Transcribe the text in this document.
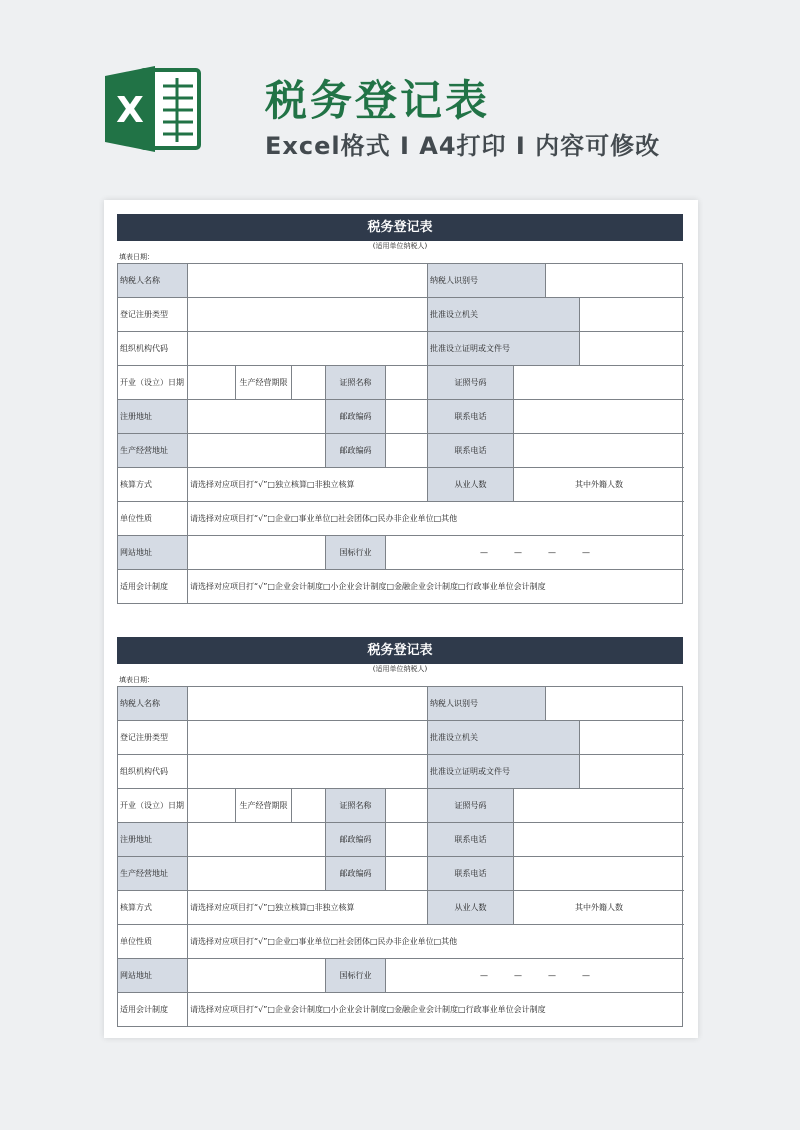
X	税务登记表
Excel格式 I A4打印 I 内容可修改
税务登记表
(适用单位纳税人)
填表日期：
纳税人名称	纳税人识别号
登记注册类型	批准设立机关
组织机构代码	批准设立证明或文件号
开业（设立）日期	生产经营期限	证照名称	证照号码
注册地址	邮政编码	联系电话
生产经营地址	邮政编码	联系电话
核算方式	请选择对应项目打“√”□独立核算□非独立核算	从业人数	其中外籍人数
单位性质	请选择对应项目打“√”□企业□事业单位□社会团体□民办非企业单位□其他
网站地址	国标行业	—	—	—	—
适用会计制度	请选择对应项目打“√”□企业会计制度□小企业会计制度□金融企业会计制度□行政事业单位会计制度
税务登记表
(适用单位纳税人)
填表日期：
纳税人名称	纳税人识别号
登记注册类型	批准设立机关
组织机构代码	批准设立证明或文件号
开业（设立）日期	生产经营期限	证照名称	证照号码
注册地址	邮政编码	联系电话
生产经营地址	邮政编码	联系电话
核算方式	请选择对应项目打“√”□独立核算□非独立核算	从业人数	其中外籍人数
单位性质	请选择对应项目打“√”□企业□事业单位□社会团体□民办非企业单位□其他
网站地址	国标行业	—	—	—	—
适用会计制度	请选择对应项目打“√”□企业会计制度□小企业会计制度□金融企业会计制度□行政事业单位会计制度
